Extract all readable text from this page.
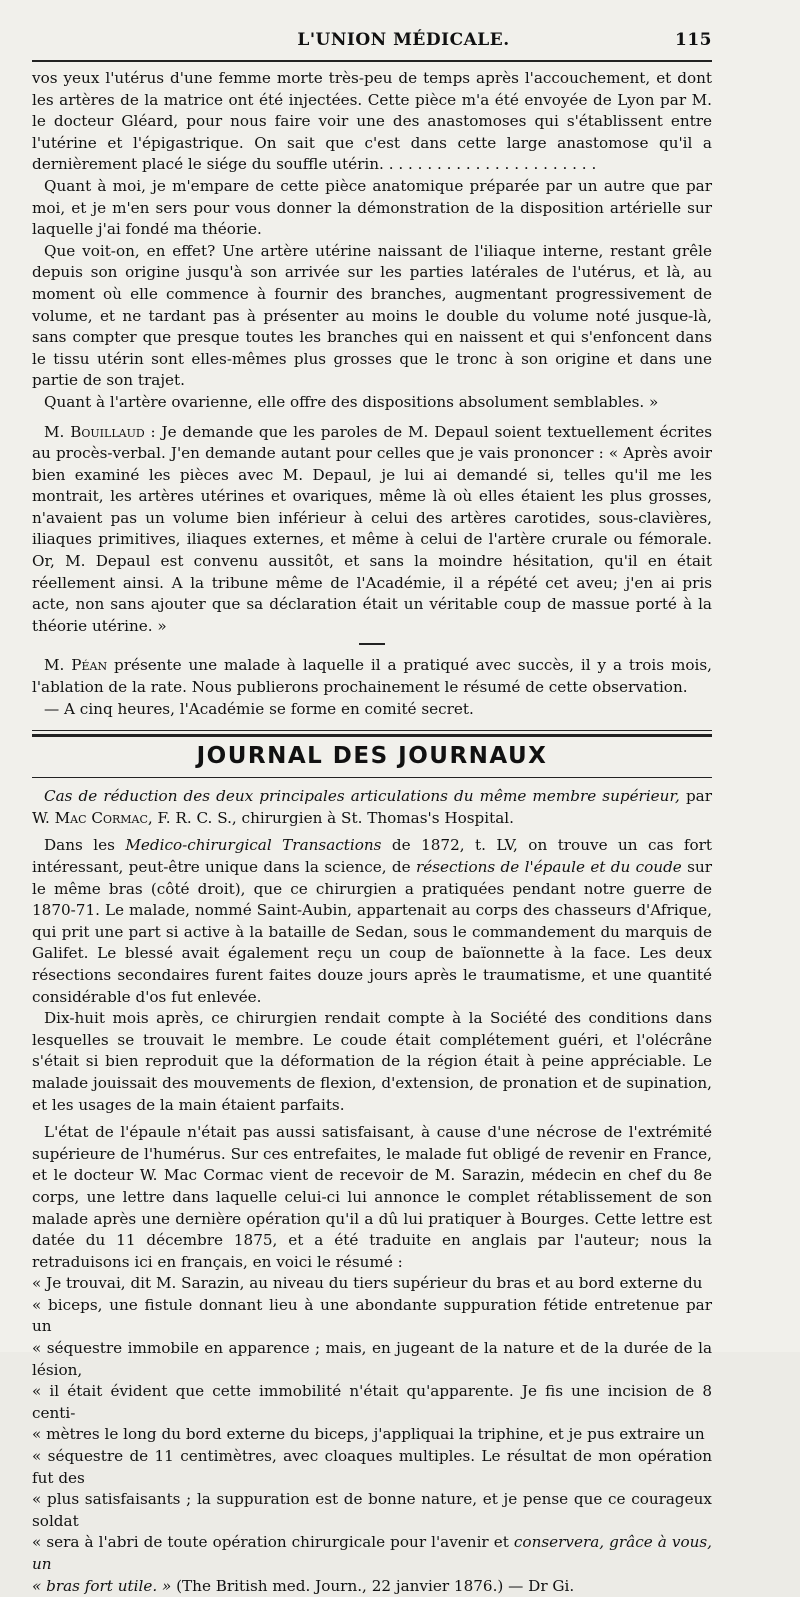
L'UNION MÉDICALE.	115

vos yeux l'utérus d'une femme morte très-peu de temps après l'accouchement, et dont les artères de la matrice ont été injectées. Cette pièce m'a été envoyée de Lyon par M. le docteur Gléard, pour nous faire voir une des anastomoses qui s'établissent entre l'utérine et l'épigastrique. On sait que c'est dans cette large anastomose qu'il a dernièrement placé le siége du souffle utérin. . . . . . . . . . . . . . . . . . . . . . .

Quant à moi, je m'empare de cette pièce anatomique préparée par un autre que par moi, et je m'en sers pour vous donner la démonstration de la disposition artérielle sur laquelle j'ai fondé ma théorie.

Que voit-on, en effet? Une artère utérine naissant de l'iliaque interne, restant grêle depuis son origine jusqu'à son arrivée sur les parties latérales de l'utérus, et là, au moment où elle commence à fournir des branches, augmentant progressivement de volume, et ne tardant pas à présenter au moins le double du volume noté jusque-là, sans compter que presque toutes les branches qui en naissent et qui s'enfoncent dans le tissu utérin sont elles-mêmes plus grosses que le tronc à son origine et dans une partie de son trajet.

Quant à l'artère ovarienne, elle offre des dispositions absolument semblables. »

M. Bouillaud : Je demande que les paroles de M. Depaul soient textuellement écrites au procès-verbal. J'en demande autant pour celles que je vais prononcer : « Après avoir bien examiné les pièces avec M. Depaul, je lui ai demandé si, telles qu'il me les montrait, les artères utérines et ovariques, même là où elles étaient les plus grosses, n'avaient pas un volume bien inférieur à celui des artères carotides, sous-clavières, iliaques primitives, iliaques externes, et même à celui de l'artère crurale ou fémorale. Or, M. Depaul est convenu aussitôt, et sans la moindre hésitation, qu'il en était réellement ainsi. A la tribune même de l'Académie, il a répété cet aveu; j'en ai pris acte, non sans ajouter que sa déclaration était un véritable coup de massue porté à la théorie utérine. »

M. Péan présente une malade à laquelle il a pratiqué avec succès, il y a trois mois, l'ablation de la rate. Nous publierons prochainement le résumé de cette observation.

— A cinq heures, l'Académie se forme en comité secret.

JOURNAL DES JOURNAUX

Cas de réduction des deux principales articulations du même membre supérieur, par W. Mac Cormac, F. R. C. S., chirurgien à St. Thomas's Hospital.

Dans les Medico-chirurgical Transactions de 1872, t. LV, on trouve un cas fort intéressant, peut-être unique dans la science, de résections de l'épaule et du coude sur le même bras (côté droit), que ce chirurgien a pratiquées pendant notre guerre de 1870-71. Le malade, nommé Saint-Aubin, appartenait au corps des chasseurs d'Afrique, qui prit une part si active à la bataille de Sedan, sous le commandement du marquis de Galifet. Le blessé avait également reçu un coup de baïonnette à la face. Les deux résections secondaires furent faites douze jours après le traumatisme, et une quantité considérable d'os fut enlevée.

Dix-huit mois après, ce chirurgien rendait compte à la Société des conditions dans lesquelles se trouvait le membre. Le coude était complétement guéri, et l'olécrâne s'était si bien reproduit que la déformation de la région était à peine appréciable. Le malade jouissait des mouvements de flexion, d'extension, de pronation et de supination, et les usages de la main étaient parfaits.

L'état de l'épaule n'était pas aussi satisfaisant, à cause d'une nécrose de l'extrémité supérieure de l'humérus. Sur ces entrefaites, le malade fut obligé de revenir en France, et le docteur W. Mac Cormac vient de recevoir de M. Sarazin, médecin en chef du 8e corps, une lettre dans laquelle celui-ci lui annonce le complet rétablissement de son malade après une dernière opération qu'il a dû lui pratiquer à Bourges. Cette lettre est datée du 11 décembre 1875, et a été traduite en anglais par l'auteur; nous la retraduisons ici en français, en voici le résumé :

« Je trouvai, dit M. Sarazin, au niveau du tiers supérieur du bras et au bord externe du

« biceps, une fistule donnant lieu à une abondante suppuration fétide entretenue par un

« séquestre immobile en apparence ; mais, en jugeant de la nature et de la durée de la lésion,

« il était évident que cette immobilité n'était qu'apparente. Je fis une incision de 8 centi-

« mètres le long du bord externe du biceps, j'appliquai la triphine, et je pus extraire un

« séquestre de 11 centimètres, avec cloaques multiples. Le résultat de mon opération fut des

« plus satisfaisants ; la suppuration est de bonne nature, et je pense que ce courageux soldat

« sera à l'abri de toute opération chirurgicale pour l'avenir et conservera, grâce à vous, un

« bras fort utile. » (The British med. Journ., 22 janvier 1876.) — Dr Gi.
